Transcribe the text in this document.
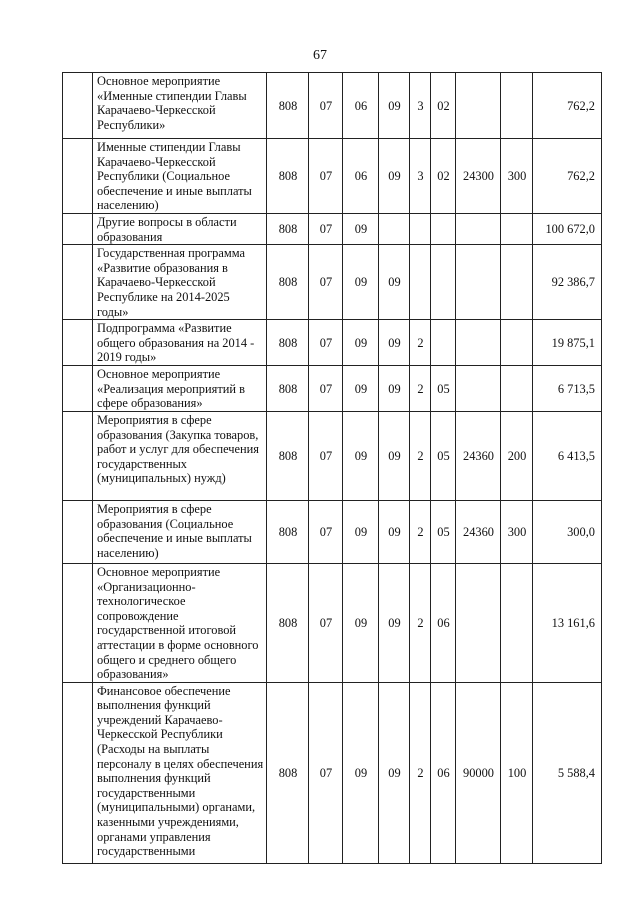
67
	Основное мероприятие «Именные стипендии Главы Карачаево-Черкесской Республики»	808	07	06	09	3	02			762,2
	Именные стипендии Главы Карачаево-Черкесской Республики (Социальное обеспечение и иные выплаты населению)	808	07	06	09	3	02	24300	300	762,2
	Другие вопросы в области образования	808	07	09						100 672,0
	Государственная программа «Развитие образования в Карачаево-Черкесской Республике на 2014-2025 годы»	808	07	09	09					92 386,7
	Подпрограмма «Развитие общего образования на 2014 - 2019 годы»	808	07	09	09	2				19 875,1
	Основное мероприятие «Реализация мероприятий в сфере образования»	808	07	09	09	2	05			6 713,5
	Мероприятия в сфере образования (Закупка товаров, работ и услуг для обеспечения государственных (муниципальных) нужд)	808	07	09	09	2	05	24360	200	6 413,5
	Мероприятия в сфере образования (Социальное обеспечение и иные выплаты населению)	808	07	09	09	2	05	24360	300	300,0
	Основное мероприятие «Организационно-технологическое сопровождение государственной итоговой аттестации в форме основного общего и среднего общего образования»	808	07	09	09	2	06			13 161,6
	Финансовое обеспечение выполнения функций учреждений Карачаево-Черкесской Республики (Расходы на выплаты персоналу в целях обеспечения выполнения функций государственными (муниципальными) органами, казенными учреждениями, органами управления государственными	808	07	09	09	2	06	90000	100	5 588,4
